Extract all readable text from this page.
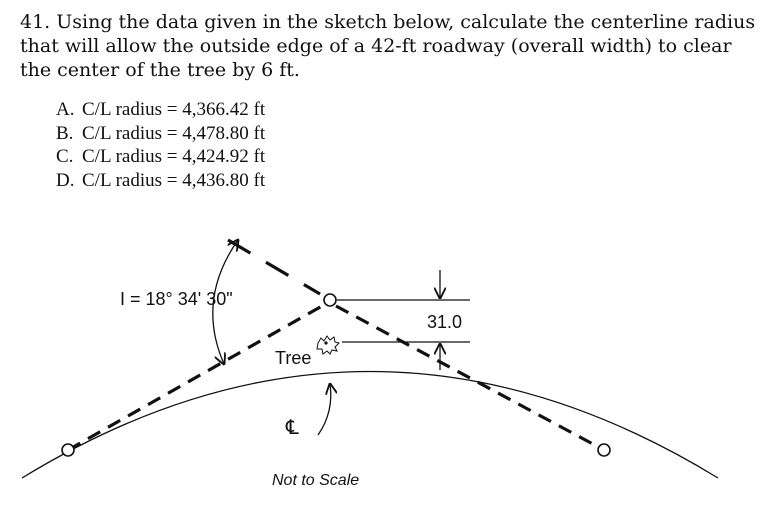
41. Using the data given in the sketch below, calculate the centerline radius that will allow the outside edge of a 42-ft roadway (overall width) to clear the center of the tree by 6 ft.
A. C/L radius = 4,366.42 ft
B. C/L radius = 4,478.80 ft
C. C/L radius = 4,424.92 ft
D. C/L radius = 4,436.80 ft
I = 18° 34' 30"
31.0
Tree
℄
Not to Scale
